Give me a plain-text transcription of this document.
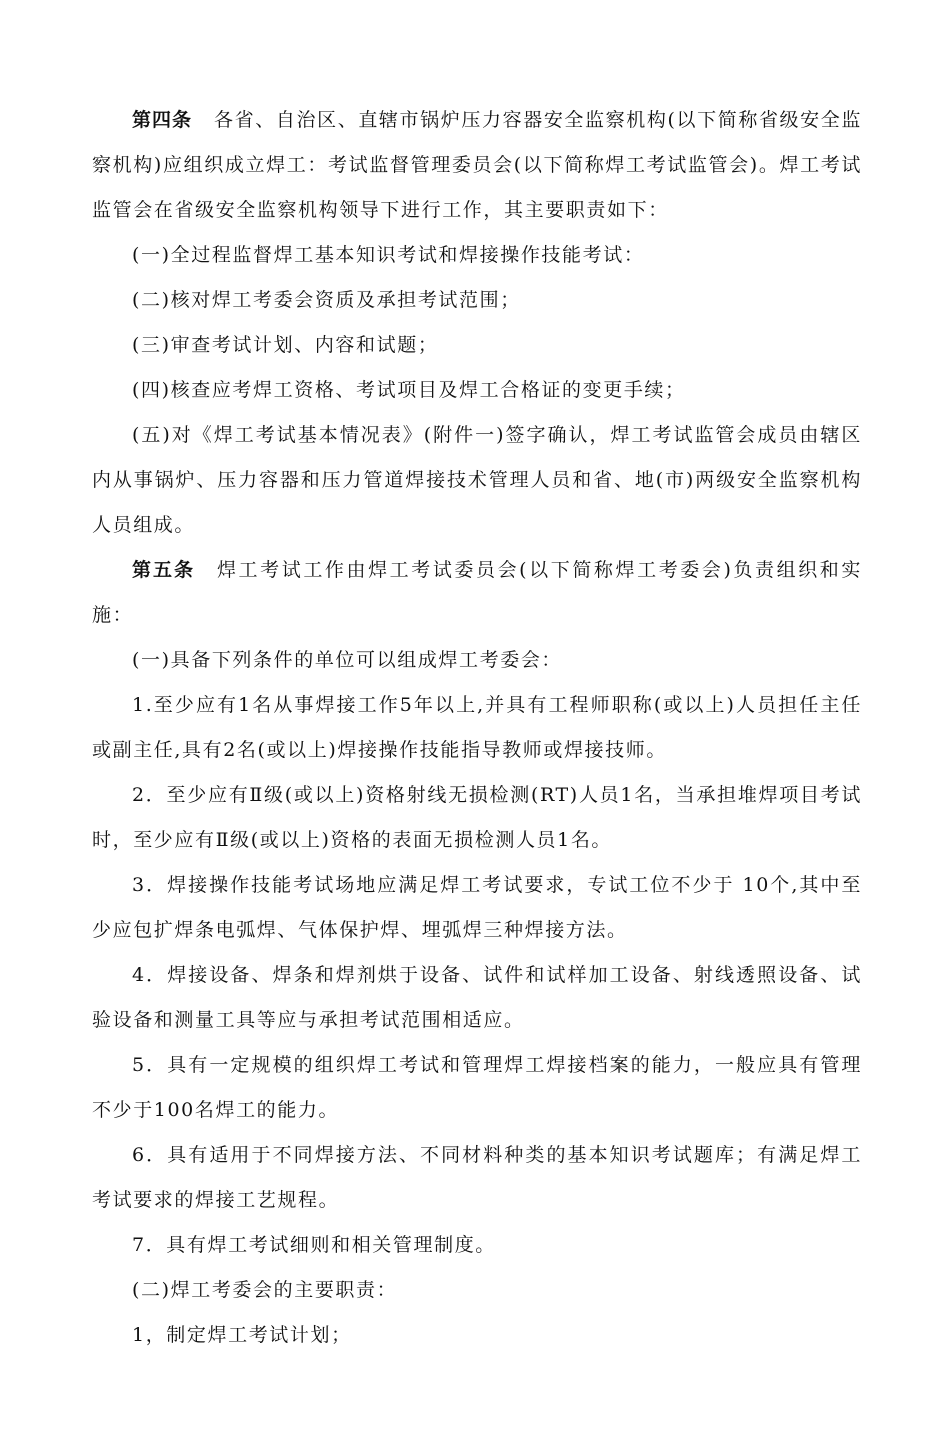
第四条 各省、自治区、直辖市锅炉压力容器安全监察机构(以下简称省级安全监察机构)应组织成立焊工：考试监督管理委员会(以下简称焊工考试监管会)。焊工考试监管会在省级安全监察机构领导下进行工作，其主要职责如下：

(一)全过程监督焊工基本知识考试和焊接操作技能考试：

(二)核对焊工考委会资质及承担考试范围；

(三)审查考试计划、内容和试题；

(四)核查应考焊工资格、考试项目及焊工合格证的变更手续；

(五)对《焊工考试基本情况表》(附件一)签字确认，焊工考试监管会成员由辖区内从事锅炉、压力容器和压力管道焊接技术管理人员和省、地(市)两级安全监察机构人员组成。

第五条 焊工考试工作由焊工考试委员会(以下简称焊工考委会)负责组织和实施：

(一)具备下列条件的单位可以组成焊工考委会：

1.至少应有1名从事焊接工作5年以上,并具有工程师职称(或以上)人员担任主任或副主任,具有2名(或以上)焊接操作技能指导教师或焊接技师。

2．至少应有Ⅱ级(或以上)资格射线无损检测(RT)人员1名，当承担堆焊项目考试时，至少应有Ⅱ级(或以上)资格的表面无损检测人员1名。

3．焊接操作技能考试场地应满足焊工考试要求，专试工位不少于 10个,其中至少应包扩焊条电弧焊、气体保护焊、埋弧焊三种焊接方法。

4．焊接设备、焊条和焊剂烘于设备、试件和试样加工设备、射线透照设备、试验设备和测量工具等应与承担考试范围相适应。

5．具有一定规模的组织焊工考试和管理焊工焊接档案的能力，一般应具有管理不少于100名焊工的能力。

6．具有适用于不同焊接方法、不同材料种类的基本知识考试题库；有满足焊工考试要求的焊接工艺规程。

7．具有焊工考试细则和相关管理制度。

(二)焊工考委会的主要职责：

1，制定焊工考试计划；
